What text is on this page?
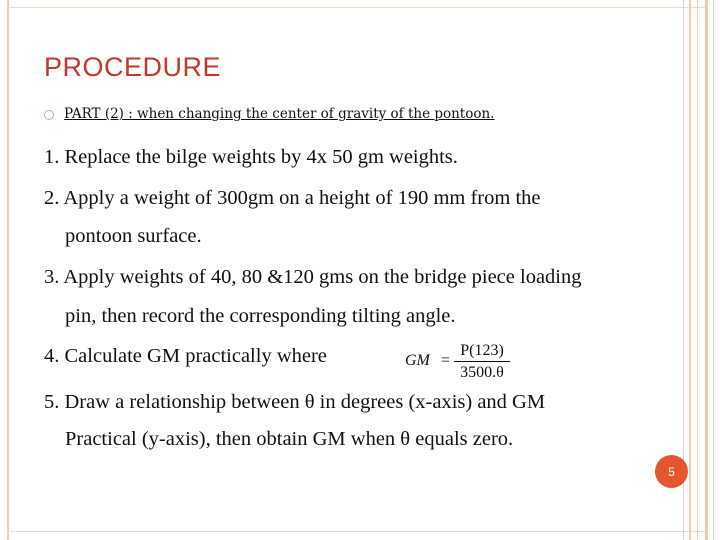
PROCEDURE
PART (2) : when changing the center of gravity of the pontoon.
1. Replace the bilge weights by 4x 50 gm weights.
2. Apply a weight of 300gm on a height of 190 mm from the
pontoon surface.
3. Apply weights of 40, 80 &120 gms on the bridge piece loading
pin, then record the corresponding tilting angle.
4. Calculate GM practically where	GM =
P(123)
3500.θ
5. Draw a relationship between θ in degrees (x-axis) and GM
Practical (y-axis), then obtain GM when θ equals zero.
5
